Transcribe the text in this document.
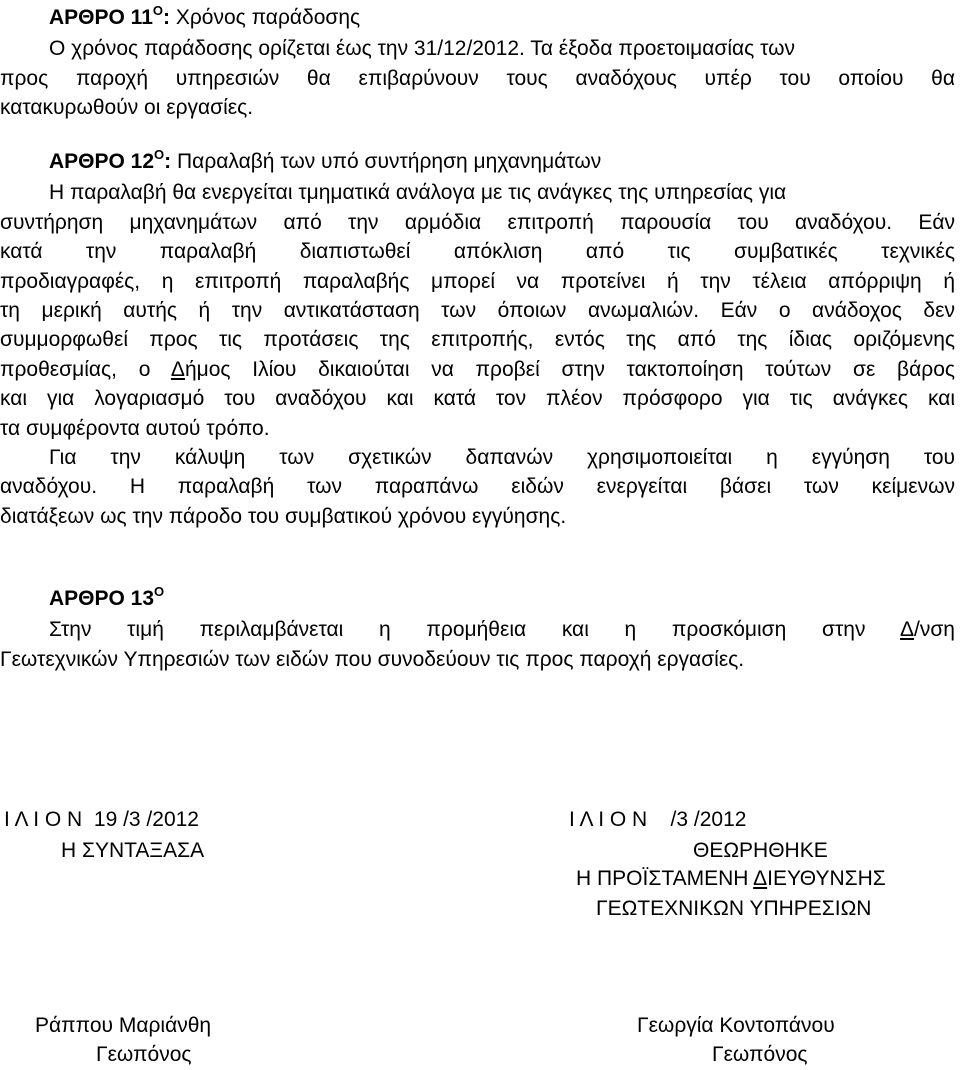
ΑΡΘΡΟ $11^O$: Χρόνος παράδοσης
Ο χρόνος παράδοσης ορίζεται έως την 31/12/2012. Τα έξοδα προετοιμασίας των
προς παροχή υπηρεσιών θα επιβαρύνουν τους αναδόχους υπέρ του οποίου θα
κατακυρωθούν οι εργασίες.
ΑΡΘΡΟ $12^O$: Παραλαβή των υπό συντήρηση μηχανημάτων
Η παραλαβή θα ενεργείται τμηματικά ανάλογα με τις ανάγκες της υπηρεσίας για
συντήρηση μηχανημάτων από την αρμόδια επιτροπή παρουσία του αναδόχου. Εάν
κατά την παραλαβή διαπιστωθεί απόκλιση από τις συμβατικές τεχνικές
προδιαγραφές, η επιτροπή παραλαβής μπορεί να προτείνει ή την τέλεια απόρριψη ή
τη μερική αυτής ή την αντικατάσταση των όποιων ανωμαλιών. Εάν ο ανάδοχος δεν
συμμορφωθεί προς τις προτάσεις της επιτροπής, εντός της από της ίδιας οριζόμενης
προθεσμίας, ο Δήμος Ιλίου δικαιούται να προβεί στην τακτοποίηση τούτων σε βάρος
και για λογαριασμό του αναδόχου και κατά τον πλέον πρόσφορο για τις ανάγκες και
τα συμφέροντα αυτού τρόπο.
Για την κάλυψη των σχετικών δαπανών χρησιμοποιείται η εγγύηση του
αναδόχου. Η παραλαβή των παραπάνω ειδών ενεργείται βάσει των κείμενων
διατάξεων ως την πάροδο του συμβατικού χρόνου εγγύησης.
ΑΡΘΡΟ $13^O$
Στην τιμή περιλαμβάνεται η προμήθεια και η προσκόμιση στην Δ/νση
Γεωτεχνικών Υπηρεσιών των ειδών που συνοδεύουν τις προς παροχή εργασίες.
Ι Λ Ι Ο Ν  19 /3 /2012
Η ΣΥΝΤΑΞΑΣΑ
Ράππου Μαριάνθη
Γεωπόνος
Ι Λ Ι Ο Ν    /3 /2012
ΘΕΩΡΗΘΗΚΕ
Η ΠΡΟΪΣΤΑΜΕΝΗ ΔΙΕΥΘΥΝΣΗΣ
ΓΕΩΤΕΧΝΙΚΩΝ ΥΠΗΡΕΣΙΩΝ
Γεωργία Κοντοπάνου
Γεωπόνος
